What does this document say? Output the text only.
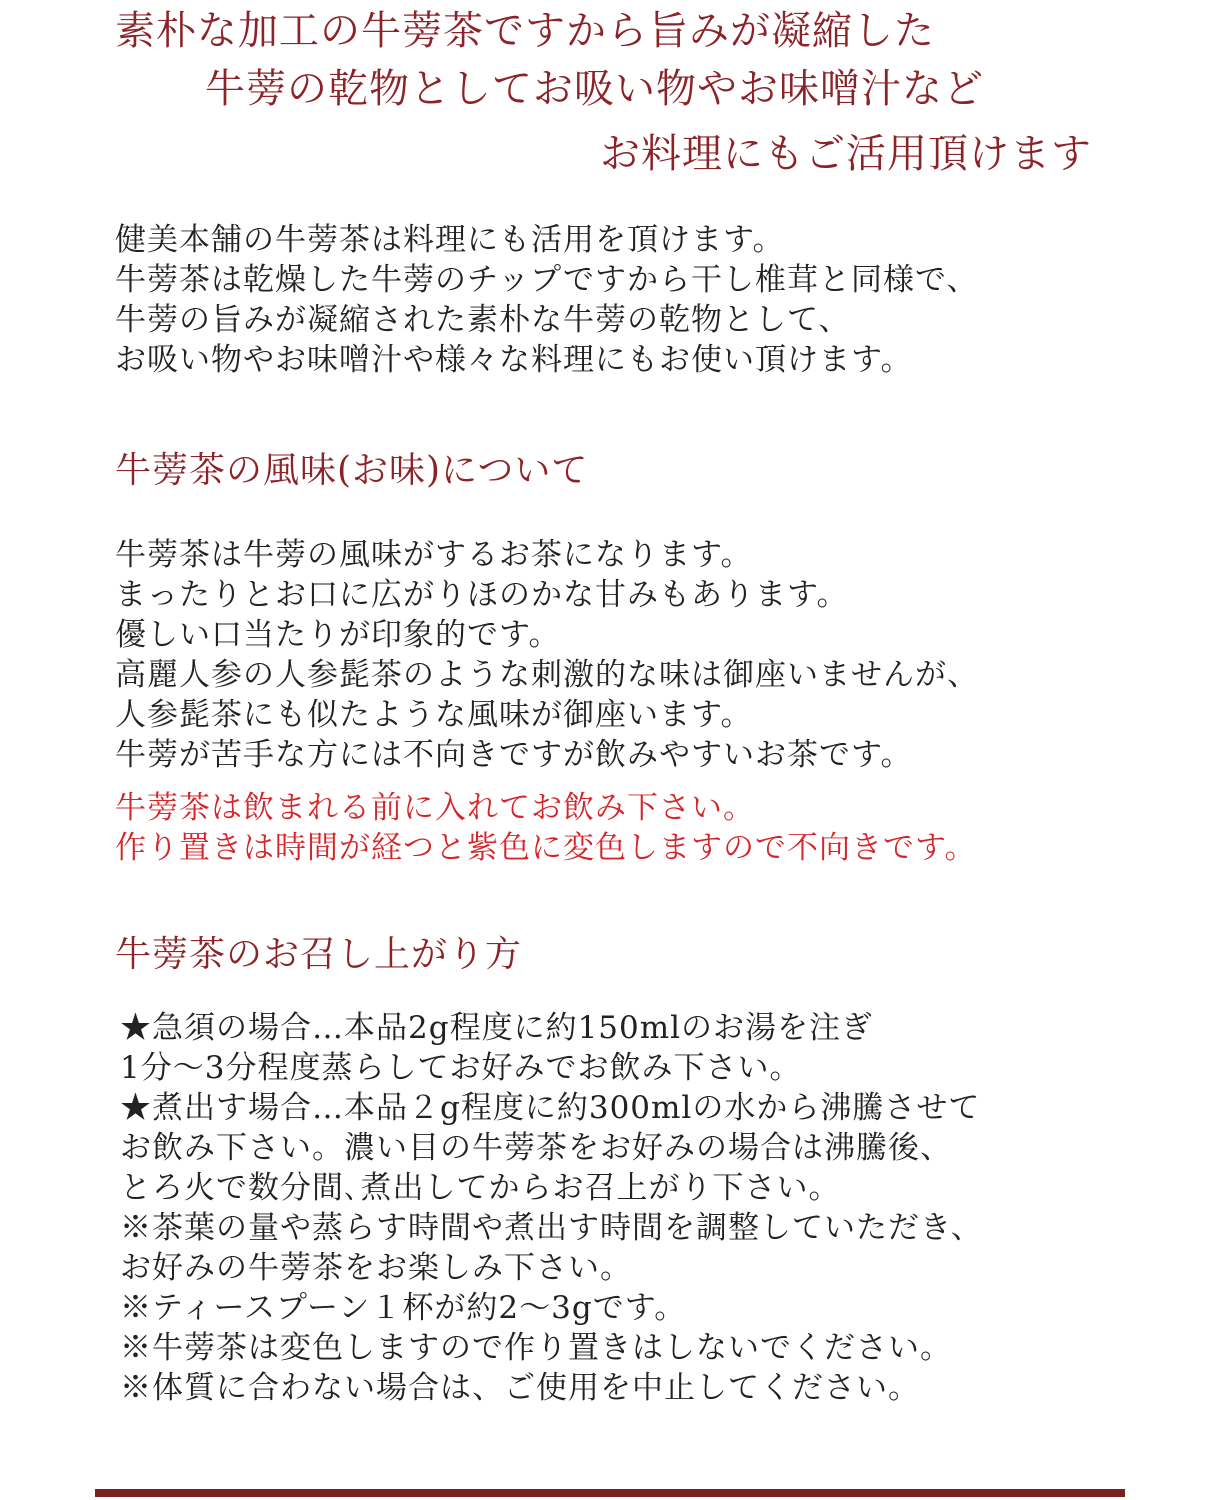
素朴な加工の牛蒡茶ですから旨みが凝縮した
牛蒡の乾物としてお吸い物やお味噌汁など
お料理にもご活用頂けます
健美本舗の牛蒡茶は料理にも活用を頂けます。
牛蒡茶は乾燥した牛蒡のチップですから干し椎茸と同様で、
牛蒡の旨みが凝縮された素朴な牛蒡の乾物として、
お吸い物やお味噌汁や様々な料理にもお使い頂けます。
牛蒡茶の風味(お味)について
牛蒡茶は牛蒡の風味がするお茶になります。
まったりとお口に広がりほのかな甘みもあります。
優しい口当たりが印象的です。
高麗人参の人参髭茶のような刺激的な味は御座いませんが、
人参髭茶にも似たような風味が御座います。
牛蒡が苦手な方には不向きですが飲みやすいお茶です。
牛蒡茶は飲まれる前に入れてお飲み下さい。
作り置きは時間が経つと紫色に変色しますので不向きです。
牛蒡茶のお召し上がり方
★急須の場合…本品2g程度に約150mlのお湯を注ぎ
1分～3分程度蒸らしてお好みでお飲み下さい。
★煮出す場合…本品２g程度に約300mlの水から沸騰させて
お飲み下さい。濃い目の牛蒡茶をお好みの場合は沸騰後、
とろ火で数分間､煮出してからお召上がり下さい。
※茶葉の量や蒸らす時間や煮出す時間を調整していただき、
お好みの牛蒡茶をお楽しみ下さい。
※ティースプーン１杯が約2～3gです。
※牛蒡茶は変色しますので作り置きはしないでください。
※体質に合わない場合は、ご使用を中止してください。
